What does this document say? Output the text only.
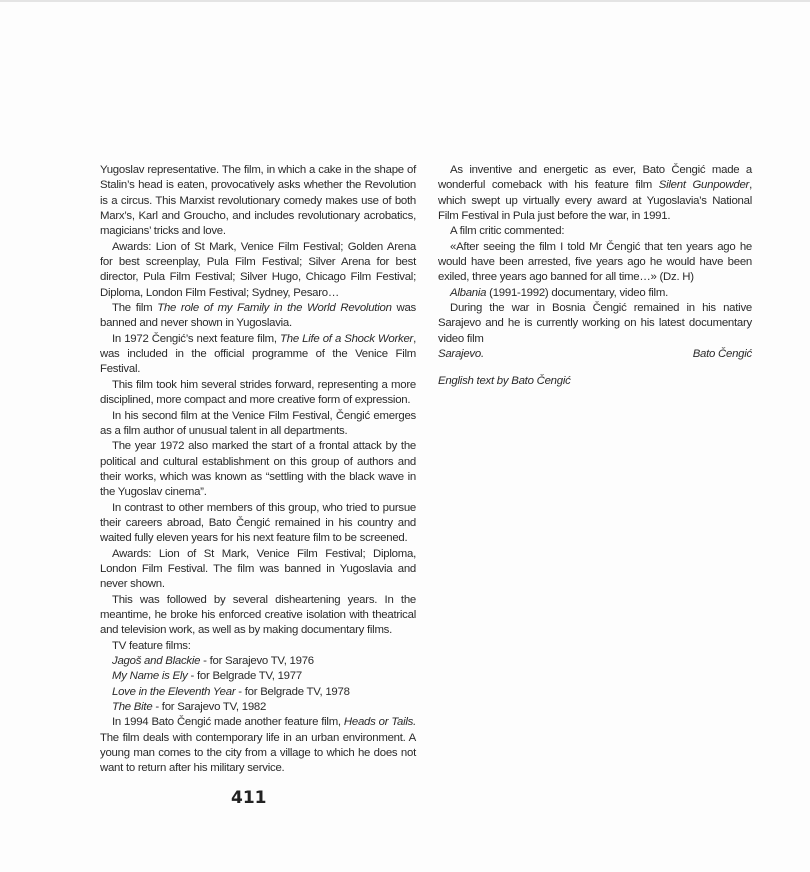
Yugoslav representative. The film, in which a cake in the shape of Stalin’s head is eaten, provocatively asks whether the Revolution is a circus. This Marxist revolutionary comedy makes use of both Marx’s, Karl and Groucho, and includes revolutionary acrobatics, magicians’ tricks and love.

Awards: Lion of St Mark, Venice Film Festival; Golden Arena for best screenplay, Pula Film Festival; Silver Arena for best director, Pula Film Festival; Silver Hugo, Chicago Film Festival; Diploma, London Film Festival; Sydney, Pesaro…

The film The role of my Family in the World Revolution was banned and never shown in Yugoslavia.

In 1972 Čengić’s next feature film, The Life of a Shock Worker, was included in the official programme of the Venice Film Festival.

This film took him several strides forward, representing a more disciplined, more compact and more creative form of expression.

In his second film at the Venice Film Festival, Čengić emerges as a film author of unusual talent in all departments.

The year 1972 also marked the start of a frontal attack by the political and cultural establishment on this group of authors and their works, which was known as “settling with the black wave in the Yugoslav cinema”.

In contrast to other members of this group, who tried to pursue their careers abroad, Bato Čengić remained in his country and waited fully eleven years for his next feature film to be screened.

Awards: Lion of St Mark, Venice Film Festival; Diploma, London Film Festival. The film was banned in Yugoslavia and never shown.

This was followed by several disheartening years. In the meantime, he broke his enforced creative isolation with theatrical and television work, as well as by making documentary films.

TV feature films:

Jagoš and Blackie - for Sarajevo TV, 1976

My Name is Ely - for Belgrade TV, 1977

Love in the Eleventh Year - for Belgrade TV, 1978

The Bite - for Sarajevo TV, 1982

In 1994 Bato Čengić made another feature film, Heads or Tails. The film deals with contemporary life in an urban environment. A young man comes to the city from a village to which he does not want to return after his military service.

As inventive and energetic as ever, Bato Čengić made a wonderful comeback with his feature film Silent Gunpowder, which swept up virtually every award at Yugoslavia’s National Film Festival in Pula just before the war, in 1991.

A film critic commented:

«After seeing the film I told Mr Čengić that ten years ago he would have been arrested, five years ago he would have been exiled, three years ago banned for all time…» (Dz. H)

Albania (1991-1992) documentary, video film.

During the war in Bosnia Čengić remained in his native Sarajevo and he is currently working on his latest documentary video film

Sarajevo.	Bato Čengić

English text by Bato Čengić

411
